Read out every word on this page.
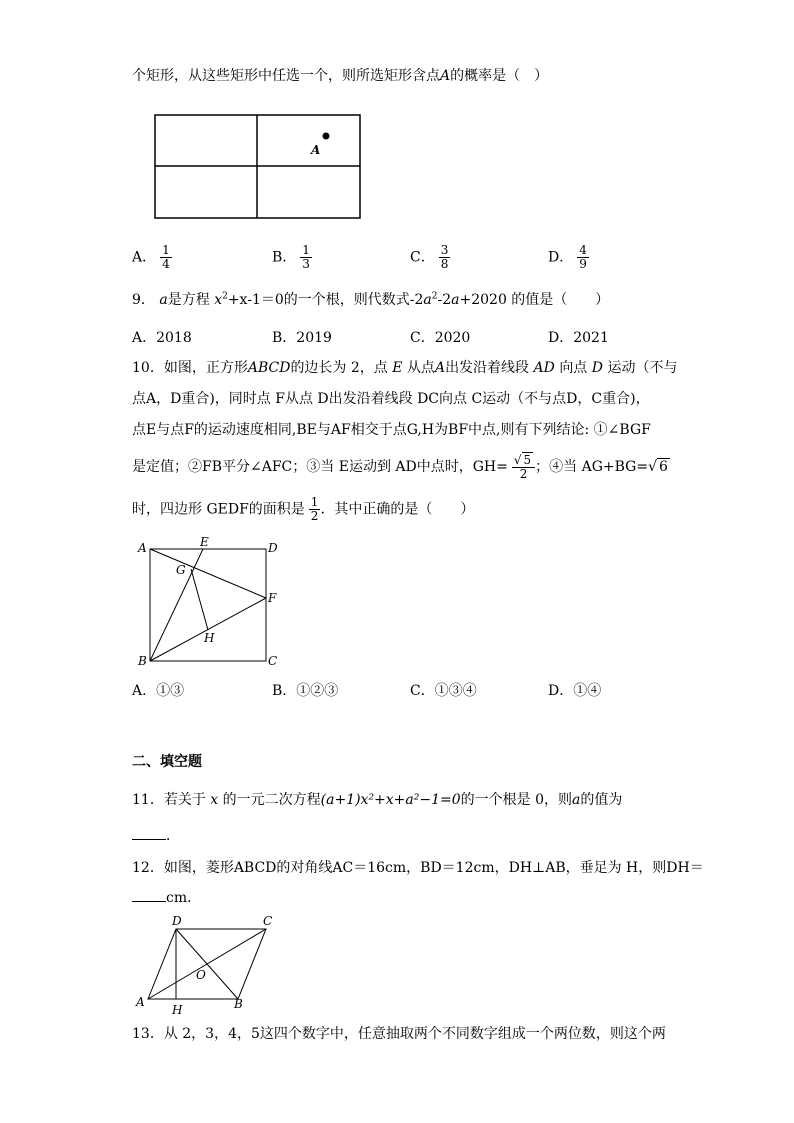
个矩形，从这些矩形中任选一个，则所选矩形含点A的概率是（　）
A
A． $\frac{1}{4}$	B． $\frac{1}{3}$	C． $\frac{3}{8}$	D． $\frac{4}{9}$
9． a是方程 $x^2+x-1=0$的一个根，则代数式$-2a^2-2a+2020$ 的值是（　　）
A．2018	B．2019	C．2020	D．2021
10．如图，正方形ABCD的边长为 2，点 E 从点A出发沿着线段 AD 向点 D 运动（不与
点A，D重合)，同时点 F从点 D出发沿着线段 DC向点 C运动（不与点D，C重合)，
点E与点F的运动速度相同,BE与AF相交于点G,H为BF中点,则有下列结论: ①∠BGF
是定值；②FB平分∠AFC；③当 E运动到 AD中点时，$GH= \frac{√ 5}{2}$ ；④当 AG+BG=√ 6
时，四边形 GEDF的面积是 $\frac{1}{2}$ ．其中正确的是（　　）
A	E	D
G
F
H
B	C
A．①③	B．①②③	C．①③④	D．①④
二、填空题
11．若关于 x 的一元二次方程(a+1)x²+x+a²−1=0的一个根是 0，则a的值为
．
12．如图，菱形ABCD的对角线AC＝16cm，BD＝12cm，DH⊥AB，垂足为 H，则DH＝
cm．
D	C
O
A
H	B
13．从 2，3，4，5这四个数字中，任意抽取两个不同数字组成一个两位数，则这个两
